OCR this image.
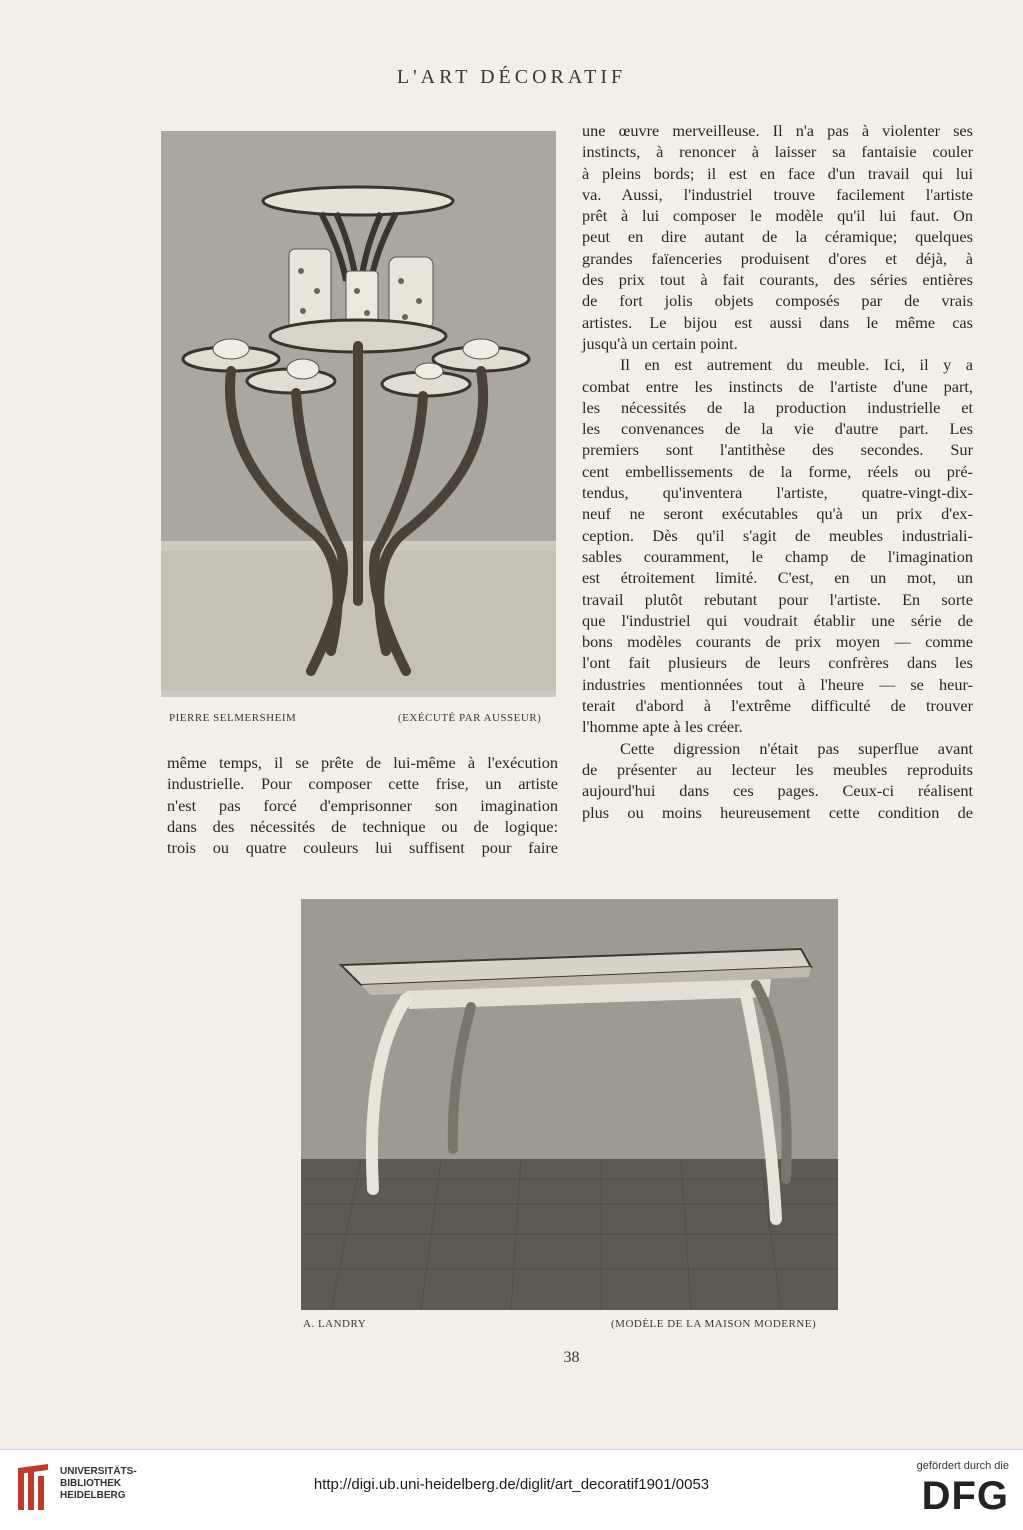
L'ART DÉCORATIF
PIERRE SELMERSHEIM	(EXÉCUTÉ PAR AUSSEUR)
une œuvre merveilleuse. Il n'a pas à violenter ses
instincts, à renoncer à laisser sa fantaisie couler
à pleins bords; il est en face d'un travail qui lui
va. Aussi, l'industriel trouve facilement l'artiste
prêt à lui composer le modèle qu'il lui faut. On
peut en dire autant de la céramique; quelques
grandes faïenceries produisent d'ores et déjà, à
des prix tout à fait courants, des séries entières
de fort jolis objets composés par de vrais
artistes. Le bijou est aussi dans le même cas
jusqu'à un certain point.
Il en est autrement du meuble. Ici, il y a
combat entre les instincts de l'artiste d'une part,
les nécessités de la production industrielle et
les convenances de la vie d'autre part. Les
premiers sont l'antithèse des secondes. Sur
cent embellissements de la forme, réels ou pré-
tendus, qu'inventera l'artiste, quatre-vingt-dix-
neuf ne seront exécutables qu'à un prix d'ex-
ception. Dès qu'il s'agit de meubles industriali-
sables couramment, le champ de l'imagination
est étroitement limité. C'est, en un mot, un
travail plutôt rebutant pour l'artiste. En sorte
que l'industriel qui voudrait établir une série de
bons modèles courants de prix moyen — comme
l'ont fait plusieurs de leurs confrères dans les
industries mentionnées tout à l'heure — se heur-
terait d'abord à l'extrême difficulté de trouver
l'homme apte à les créer.
Cette digression n'était pas superflue avant
de présenter au lecteur les meubles reproduits
aujourd'hui dans ces pages. Ceux-ci réalisent
plus ou moins heureusement cette condition de
même temps, il se prête de lui-même à l'exécution
industrielle. Pour composer cette frise, un artiste
n'est pas forcé d'emprisonner son imagination
dans des nécessités de technique ou de logique:
trois ou quatre couleurs lui suffisent pour faire
A. LANDRY	(MODÈLE DE LA MAISON MODERNE)
38
UNIVERSITÄTS-
BIBLIOTHEK
HEIDELBERG
http://digi.ub.uni-heidelberg.de/diglit/art_decoratif1901/0053
gefördert durch die
DFG
